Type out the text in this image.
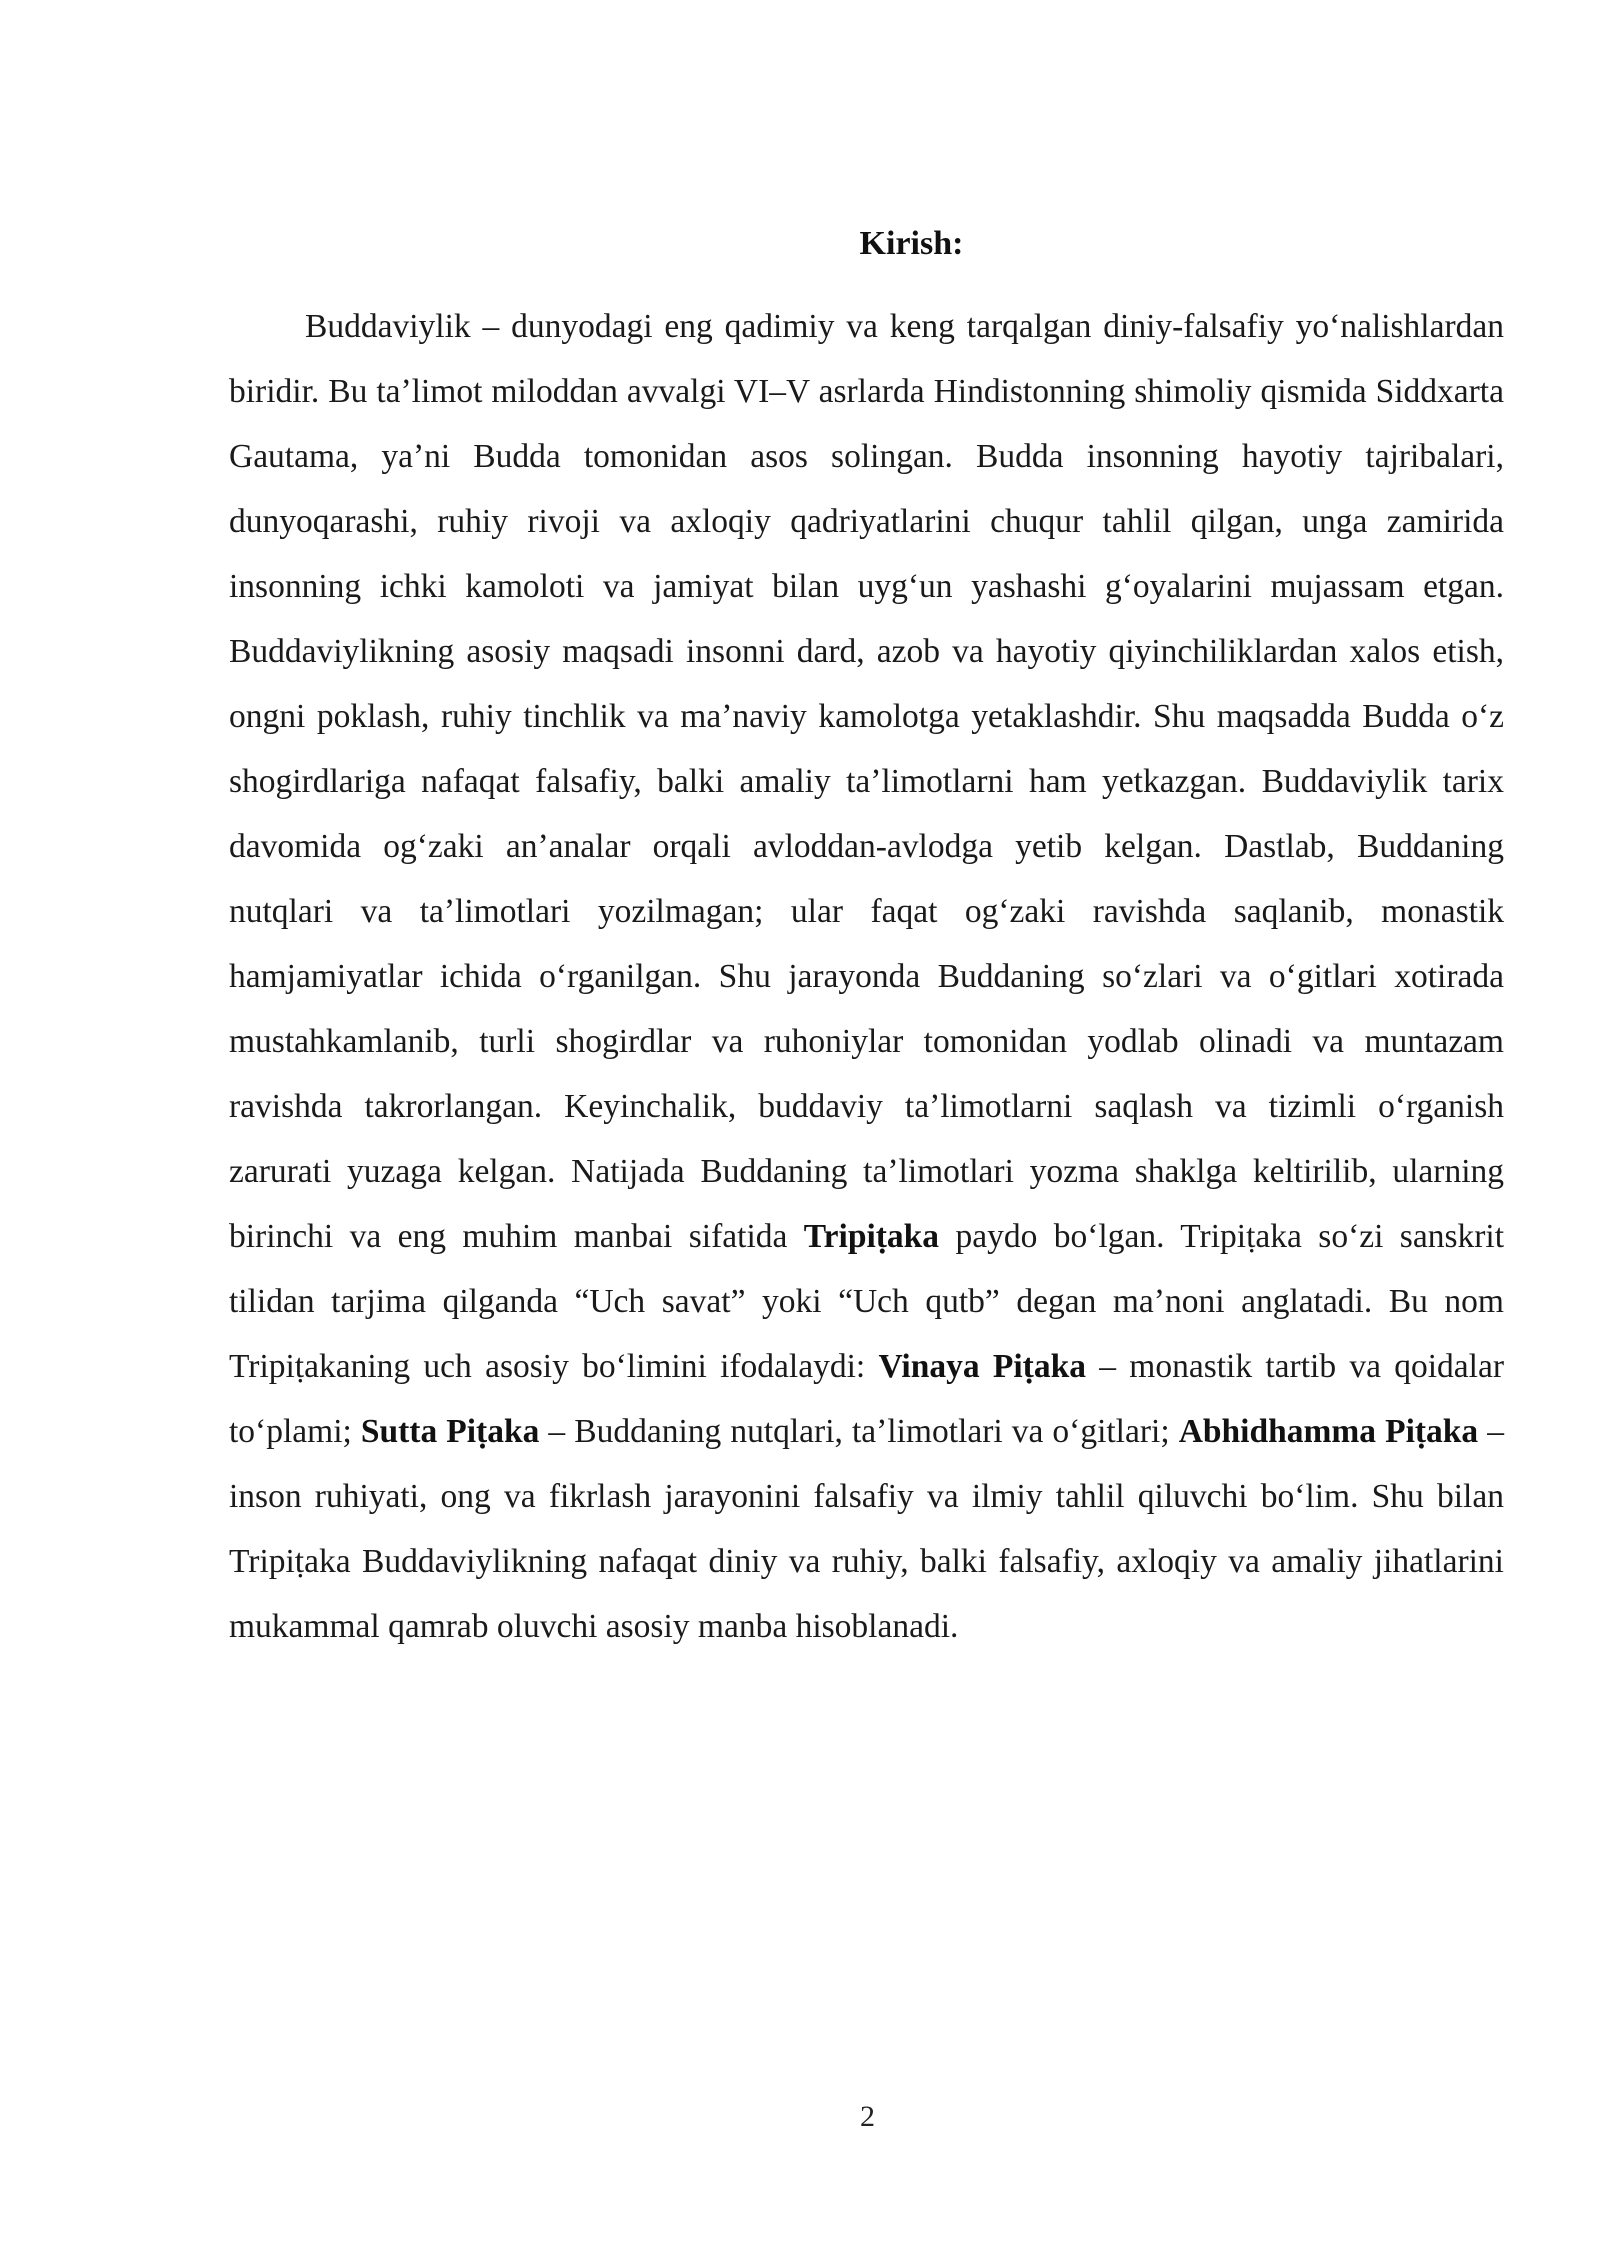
Kirish:

Buddaviylik – dunyodagi eng qadimiy va keng tarqalgan diniy-falsafiy yoʻnalishlardan biridir. Bu taʼlimot miloddan avvalgi VI–V asrlarda Hindistonning shimoliy qismida Siddxarta Gautama, yaʼni Budda tomonidan asos solingan. Budda insonning hayotiy tajribalari, dunyoqarashi, ruhiy rivoji va axloqiy qadriyatlarini chuqur tahlil qilgan, unga zamirida insonning ichki kamoloti va jamiyat bilan uygʻun yashashi gʻoyalarini mujassam etgan. Buddaviylikning asosiy maqsadi insonni dard, azob va hayotiy qiyinchiliklardan xalos etish, ongni poklash, ruhiy tinchlik va maʼnaviy kamolotga yetaklashdir. Shu maqsadda Budda oʻz shogirdlariga nafaqat falsafiy, balki amaliy taʼlimotlarni ham yetkazgan. Buddaviylik tarix davomida ogʻzaki anʼanalar orqali avloddan-avlodga yetib kelgan. Dastlab, Buddaning nutqlari va taʼlimotlari yozilmagan; ular faqat ogʻzaki ravishda saqlanib, monastik hamjamiyatlar ichida oʻrganilgan. Shu jarayonda Buddaning soʻzlari va oʻgitlari xotirada mustahkamlanib, turli shogirdlar va ruhoniylar tomonidan yodlab olinadi va muntazam ravishda takrorlangan. Keyinchalik, buddaviy taʼlimotlarni saqlash va tizimli oʻrganish zarurati yuzaga kelgan. Natijada Buddaning taʼlimotlari yozma shaklga keltirilib, ularning birinchi va eng muhim manbai sifatida Tripiṭaka paydo boʻlgan. Tripiṭaka soʻzi sanskrit tilidan tarjima qilganda “Uch savat” yoki “Uch qutb” degan maʼnoni anglatadi. Bu nom Tripiṭakaning uch asosiy boʻlimini ifodalaydi: Vinaya Piṭaka – monastik tartib va qoidalar toʻplami; Sutta Piṭaka – Buddaning nutqlari, taʼlimotlari va oʻgitlari; Abhidhamma Piṭaka – inson ruhiyati, ong va fikrlash jarayonini falsafiy va ilmiy tahlil qiluvchi boʻlim. Shu bilan Tripiṭaka Buddaviylikning nafaqat diniy va ruhiy, balki falsafiy, axloqiy va amaliy jihatlarini mukammal qamrab oluvchi asosiy manba hisoblanadi.

2
